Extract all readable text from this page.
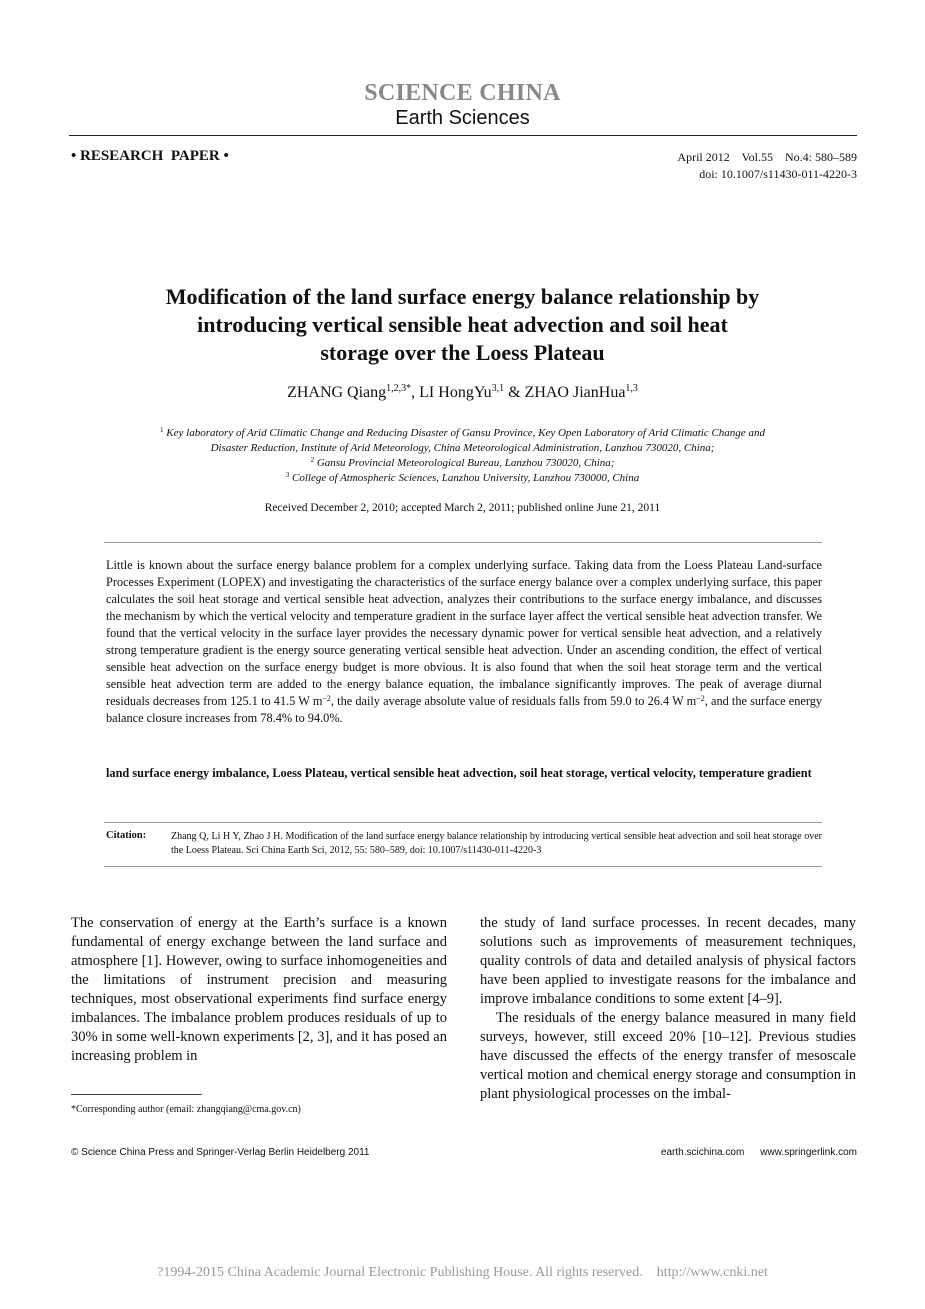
SCIENCE CHINA
Earth Sciences
• RESEARCH  PAPER •	April 2012    Vol.55    No.4: 580–589
doi: 10.1007/s11430-011-4220-3
Modification of the land surface energy balance relationship by
introducing vertical sensible heat advection and soil heat
storage over the Loess Plateau
ZHANG Qiang$^{1,2,3*}$, LI HongYu$^{3,1}$ & ZHAO JianHua$^{1,3}$
$^1$ Key laboratory of Arid Climatic Change and Reducing Disaster of Gansu Province, Key Open Laboratory of Arid Climatic Change and
Disaster Reduction, Institute of Arid Meteorology, China Meteorological Administration, Lanzhou 730020, China;
$^2$ Gansu Provincial Meteorological Bureau, Lanzhou 730020, China;
$^3$ College of Atmospheric Sciences, Lanzhou University, Lanzhou 730000, China
Received December 2, 2010; accepted March 2, 2011; published online June 21, 2011
Little is known about the surface energy balance problem for a complex underlying surface. Taking data from the Loess Plateau Land-surface Processes Experiment (LOPEX) and investigating the characteristics of the surface energy balance over a complex underlying surface, this paper calculates the soil heat storage and vertical sensible heat advection, analyzes their contributions to the surface energy imbalance, and discusses the mechanism by which the vertical velocity and temperature gradient in the surface layer affect the vertical sensible heat advection transfer. We found that the vertical velocity in the surface layer provides the necessary dynamic power for vertical sensible heat advection, and a relatively strong temperature gradient is the energy source generating vertical sensible heat advection. Under an ascending condition, the effect of vertical sensible heat advection on the surface energy budget is more obvious. It is also found that when the soil heat storage term and the vertical sensible heat advection term are added to the energy balance equation, the imbalance significantly improves. The peak of average diurnal residuals decreases from 125.1 to 41.5 W $m^{-2}$, the daily average absolute value of residuals falls from 59.0 to 26.4 W $m^{-2}$, and the surface energy balance closure increases from 78.4% to 94.0%.
land surface energy imbalance, Loess Plateau, vertical sensible heat advection, soil heat storage, vertical velocity, temperature gradient
Citation: Zhang Q, Li H Y, Zhao J H. Modification of the land surface energy balance relationship by introducing vertical sensible heat advection and soil heat storage over the Loess Plateau. Sci China Earth Sci, 2012, 55: 580–589, doi: 10.1007/s11430-011-4220-3

The conservation of energy at the Earth’s surface is a known fundamental of energy exchange between the land surface and atmosphere [1]. However, owing to surface inhomogeneities and the limitations of instrument precision and measuring techniques, most observational experiments find surface energy imbalances. The imbalance problem produces residuals of up to 30% in some well-known experiments [2, 3], and it has posed an increasing problem in

the study of land surface processes. In recent decades, many solutions such as improvements of measurement techniques, quality controls of data and detailed analysis of physical factors have been applied to investigate reasons for the imbalance and improve imbalance conditions to some extent [4–9].

The residuals of the energy balance measured in many field surveys, however, still exceed 20% [10–12]. Previous studies have discussed the effects of the energy transfer of mesoscale vertical motion and chemical energy storage and consumption in plant physiological processes on the imbal-

*Corresponding author (email: zhangqiang@cma.gov.cn)
© Science China Press and Springer-Verlag Berlin Heidelberg 2011	earth.scichina.com www.springerlink.com
?1994-2015 China Academic Journal Electronic Publishing House. All rights reserved. http://www.cnki.net
